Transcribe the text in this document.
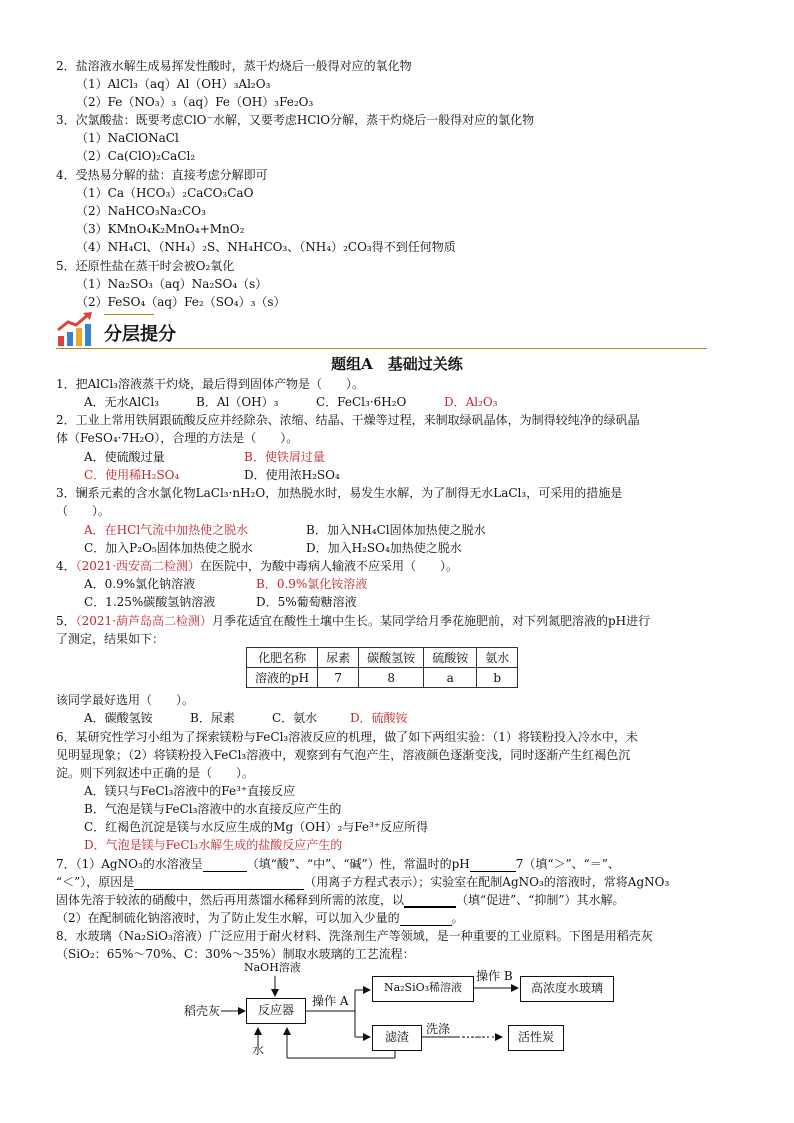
2．盐溶液水解生成易挥发性酸时，蒸干灼烧后一般得对应的氧化物
（1）AlCl₃（aq）Al（OH）₃Al₂O₃
（2）Fe（NO₃）₃（aq）Fe（OH）₃Fe₂O₃
3．次氯酸盐：既要考虑ClO⁻水解，又要考虑HClO分解，蒸干灼烧后一般得对应的氯化物
（1）NaClONaCl
（2）Ca(ClO)₂CaCl₂
4．受热易分解的盐：直接考虑分解即可
（1）Ca（HCO₃）₂CaCO₃CaO
（2）NaHCO₃Na₂CO₃
（3）KMnO₄K₂MnO₄+MnO₂
（4）NH₄Cl、（NH₄）₂S、NH₄HCO₃、（NH₄）₂CO₃得不到任何物质
5．还原性盐在蒸干时会被O₂氧化
（1）Na₂SO₃（aq）Na₂SO₄（s）
（2）FeSO₄（aq）Fe₂（SO₄）₃（s）
分层提分
题组A　基础过关练
1．把AlCl₃溶液蒸干灼烧，最后得到固体产物是（　　）。
A．无水AlCl₃	B．Al（OH）₃	C．FeCl₃·6H₂O	D．Al₂O₃
2．工业上常用铁屑跟硫酸反应并经除杂、浓缩、结晶、干燥等过程，来制取绿矾晶体，为制得较纯净的绿矾晶
体（FeSO₄·7H₂O），合理的方法是（　　）。
A．使硫酸过量	B．使铁屑过量
C．使用稀H₂SO₄	D．使用浓H₂SO₄
3．镧系元素的含水氯化物LaCl₃·nH₂O，加热脱水时，易发生水解，为了制得无水LaCl₃，可采用的措施是
（　　）。
A．在HCl气流中加热使之脱水	B．加入NH₄Cl固体加热使之脱水
C．加入P₂O₅固体加热使之脱水	D．加入H₂SO₄加热使之脱水
4．（2021·西安高二检测）在医院中，为酸中毒病人输液不应采用（　　）。
A．0.9%氯化钠溶液	B．0.9%氯化铵溶液
C．1.25%碳酸氢钠溶液	D．5%葡萄糖溶液
5．（2021·葫芦岛高二检测）月季花适宜在酸性土壤中生长。某同学给月季花施肥前，对下列氮肥溶液的pH进行
了测定，结果如下：
化肥名称	尿素	碳酸氢铵	硫酸铵	氨水
溶液的pH	7	8	a	b
该同学最好选用（　　）。
A．碳酸氢铵	B．尿素	C．氨水	D．硫酸铵
6．某研究性学习小组为了探索镁粉与FeCl₃溶液反应的机理，做了如下两组实验：（1）将镁粉投入冷水中，未
见明显现象；（2）将镁粉投入FeCl₃溶液中，观察到有气泡产生，溶液颜色逐渐变浅，同时逐渐产生红褐色沉
淀。则下列叙述中正确的是（　　）。
A．镁只与FeCl₃溶液中的Fe³⁺直接反应
B．气泡是镁与FeCl₃溶液中的水直接反应产生的
C．红褐色沉淀是镁与水反应生成的Mg（OH）₂与Fe³⁺反应所得
D．气泡是镁与FeCl₃水解生成的盐酸反应产生的
7．（1）AgNO₃的水溶液呈	（填“酸”、“中”、“碱”）性，常温时的pH	7（填“＞”、“＝”、
“＜”），原因是	（用离子方程式表示）；实验室在配制AgNO₃的溶液时，常将AgNO₃
固体先溶于较浓的硝酸中，然后再用蒸馏水稀释到所需的浓度，以	（填“促进”、“抑制”）其水解。
（2）在配制硫化钠溶液时，为了防止发生水解，可以加入少量的	。
8．水玻璃（Na₂SiO₃溶液）广泛应用于耐火材料、洗涤剂生产等领域，是一种重要的工业原料。下图是用稻壳灰
（SiO₂：65%～70%、C：30%～35%）制取水玻璃的工艺流程：
NaOH溶液
稻壳灰
水
反应器
操作 A
Na₂SiO₃稀溶液
操作 B
高浓度水玻璃
滤渣
洗涤 ……	活性炭
